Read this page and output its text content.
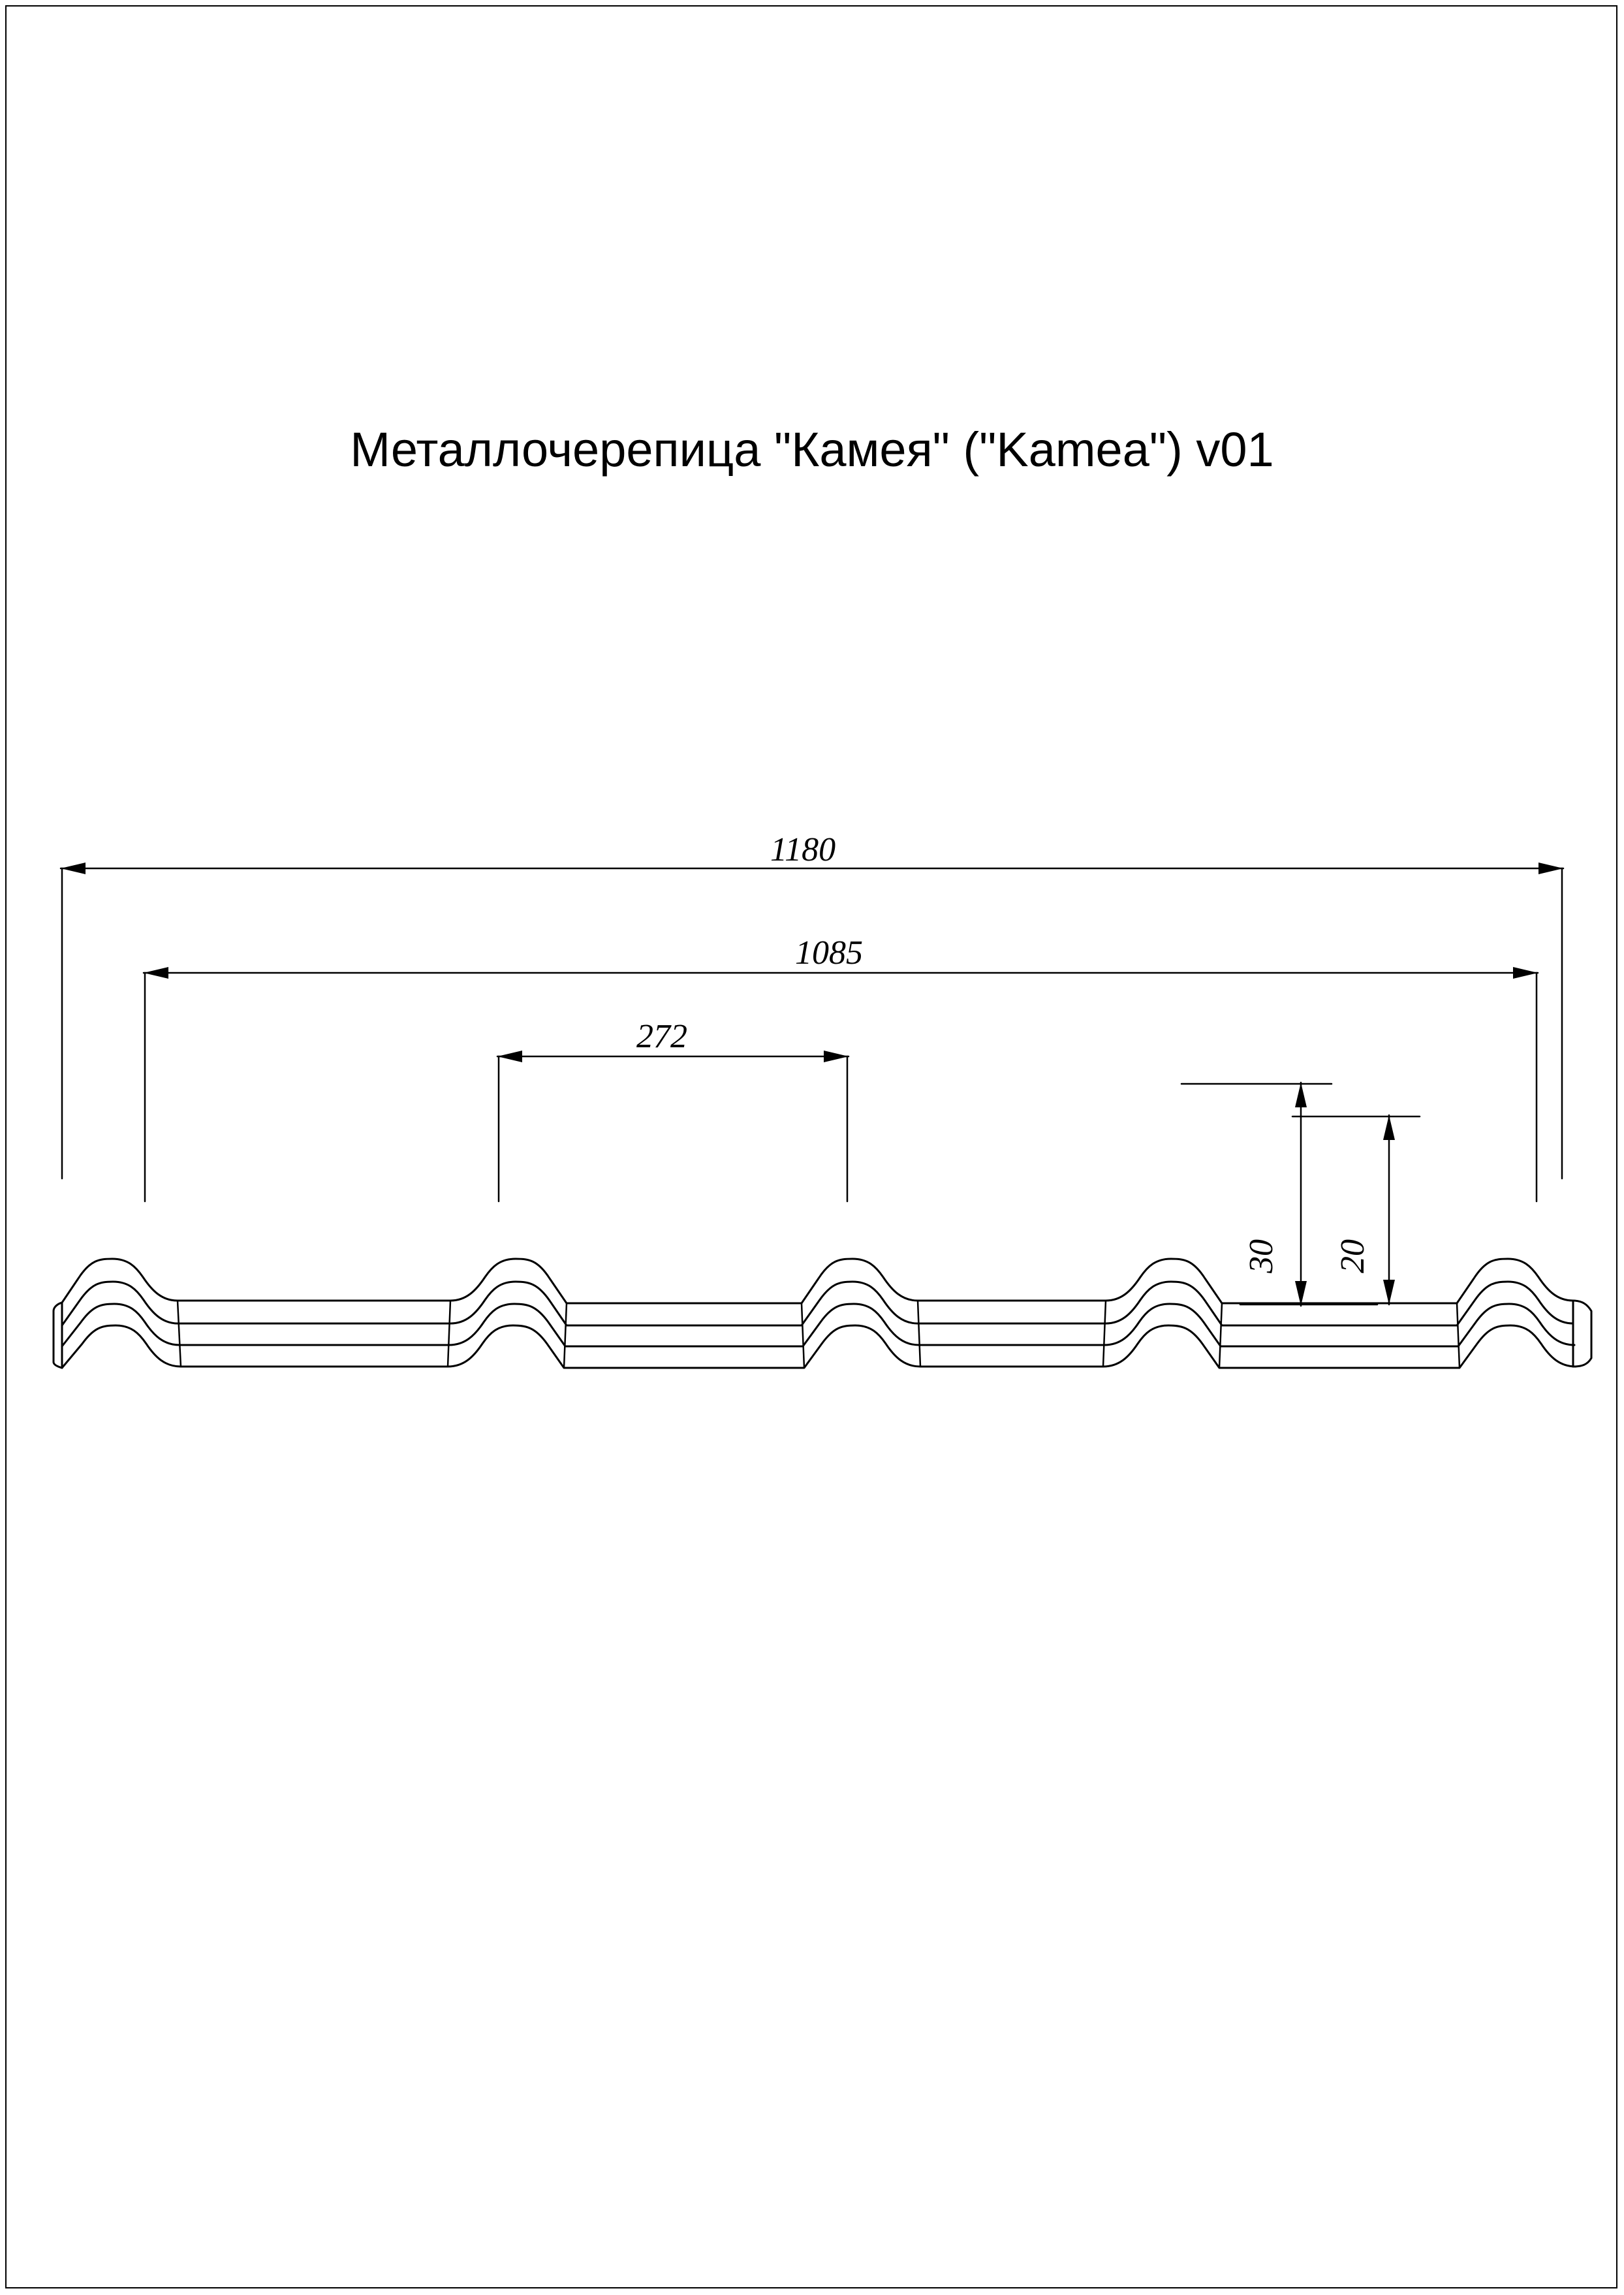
Металлочерепица "Камея" ("Kamea") v01
1180
1085
272
30 20
